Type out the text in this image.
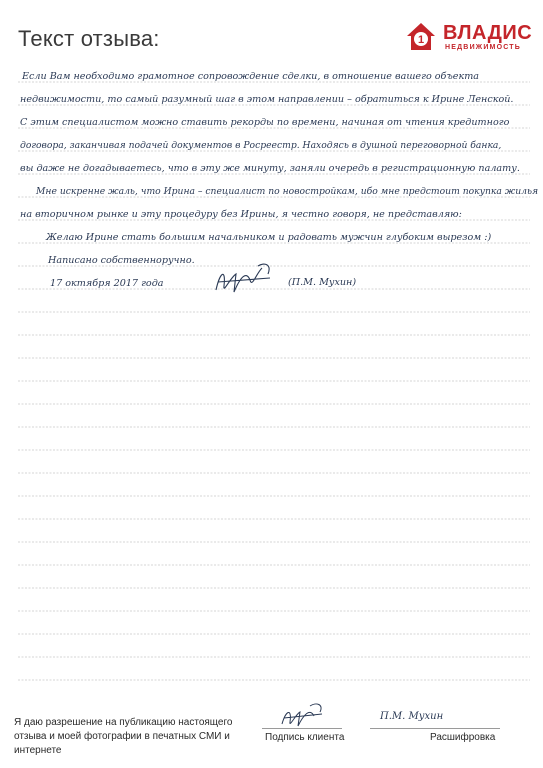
Текст отзыва:	1 ВЛАДИС
НЕДВИЖИМОСТЬ
Если Вам необходимо грамотное сопровождение сделки, в отношение вашего объекта
недвижимости, то самый разумный шаг в этом направлении – обратиться к Ирине Ленской.
С этим специалистом можно ставить рекорды по времени, начиная от чтения кредитного
договора, заканчивая подачей документов в Росреестр. Находясь в душной переговорной банка,
вы даже не догадываетесь, что в эту же минуту, заняли очередь в регистрационную палату.
Мне искренне жаль, что Ирина – специалист по новостройкам, ибо мне предстоит покупка жилья
на вторичном рынке и эту процедуру без Ирины, я честно говоря, не представляю:
Желаю Ирине стать большим начальником и радовать мужчин глубоким вырезом :)
Написано собственноручно.
17 октября 2017 года	(П.М. Мухин)
П.М. Мухин
Я даю разрешение на публикацию настоящего отзыва и моей фотографии в печатных СМИ и интернете
Подпись клиента	Расшифровка
